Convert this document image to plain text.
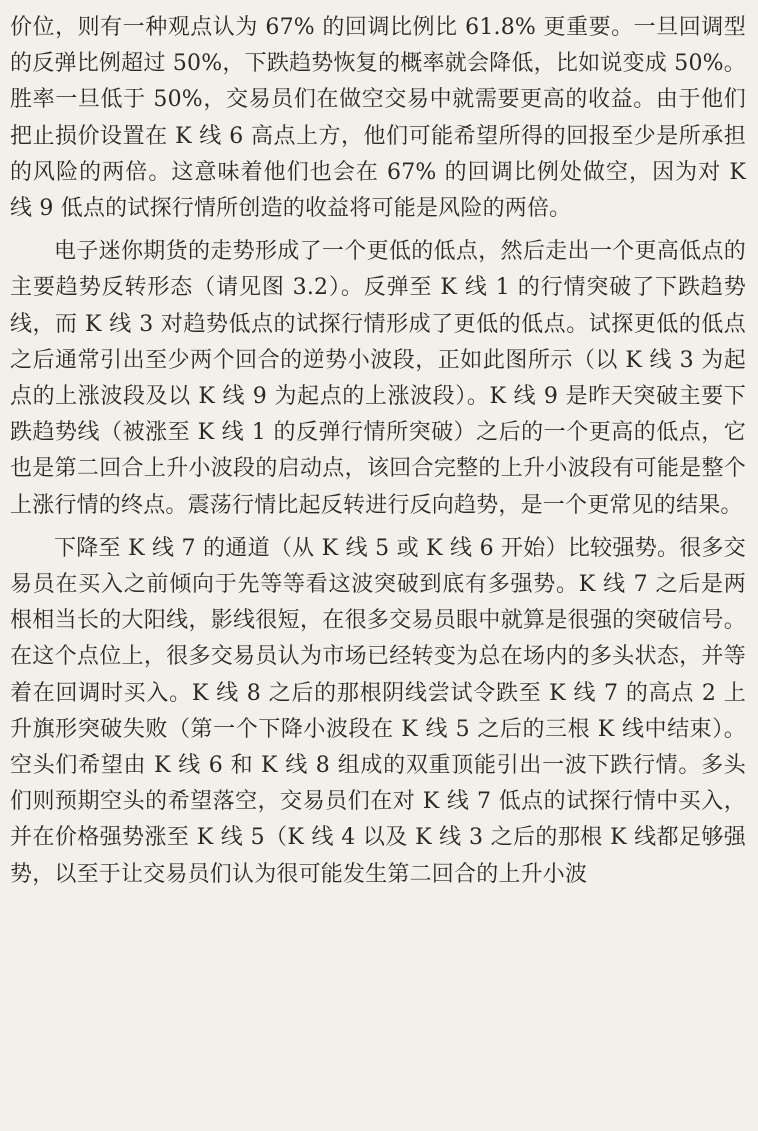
价位，则有一种观点认为 67% 的回调比例比 61.8% 更重要。一旦回调型的反弹比例超过 50%，下跌趋势恢复的概率就会降低，比如说变成 50%。胜率一旦低于 50%，交易员们在做空交易中就需要更高的收益。由于他们把止损价设置在 K 线 6 高点上方，他们可能希望所得的回报至少是所承担的风险的两倍。这意味着他们也会在 67% 的回调比例处做空，因为对 K 线 9 低点的试探行情所创造的收益将可能是风险的两倍。

电子迷你期货的走势形成了一个更低的低点，然后走出一个更高低点的主要趋势反转形态（请见图 3.2）。反弹至 K 线 1 的行情突破了下跌趋势线，而 K 线 3 对趋势低点的试探行情形成了更低的低点。试探更低的低点之后通常引出至少两个回合的逆势小波段，正如此图所示（以 K 线 3 为起点的上涨波段及以 K 线 9 为起点的上涨波段）。K 线 9 是昨天突破主要下跌趋势线（被涨至 K 线 1 的反弹行情所突破）之后的一个更高的低点，它也是第二回合上升小波段的启动点，该回合完整的上升小波段有可能是整个上涨行情的终点。震荡行情比起反转进行反向趋势，是一个更常见的结果。

下降至 K 线 7 的通道（从 K 线 5 或 K 线 6 开始）比较强势。很多交易员在买入之前倾向于先等等看这波突破到底有多强势。K 线 7 之后是两根相当长的大阳线，影线很短，在很多交易员眼中就算是很强的突破信号。在这个点位上，很多交易员认为市场已经转变为总在场内的多头状态，并等着在回调时买入。K 线 8 之后的那根阴线尝试令跌至 K 线 7 的高点 2 上升旗形突破失败（第一个下降小波段在 K 线 5 之后的三根 K 线中结束）。空头们希望由 K 线 6 和 K 线 8 组成的双重顶能引出一波下跌行情。多头们则预期空头的希望落空，交易员们在对 K 线 7 低点的试探行情中买入，并在价格强势涨至 K 线 5（K 线 4 以及 K 线 3 之后的那根 K 线都足够强势，以至于让交易员们认为很可能发生第二回合的上升小波
